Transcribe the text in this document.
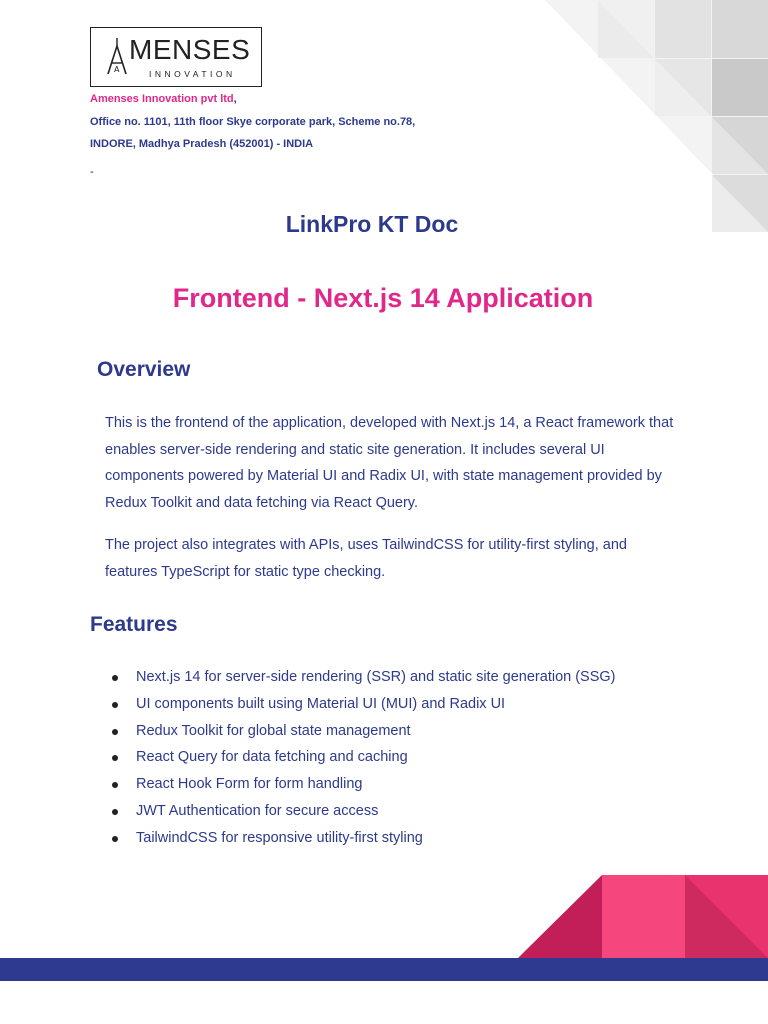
A
MENSES
INNOVATION
Amenses Innovation pvt ltd,
Office no. 1101, 11th floor Skye corporate park, Scheme no.78,
INDORE, Madhya Pradesh (452001) - INDIA
-
LinkPro KT Doc
Frontend - Next.js 14 Application
Overview

This is the frontend of the application, developed with Next.js 14, a React framework that enables server-side rendering and static site generation. It includes several UI components powered by Material UI and Radix UI, with state management provided by Redux Toolkit and data fetching via React Query.

The project also integrates with APIs, uses TailwindCSS for utility-first styling, and features TypeScript for static type checking.

Features
Next.js 14 for server-side rendering (SSR) and static site generation (SSG)
UI components built using Material UI (MUI) and Radix UI
Redux Toolkit for global state management
React Query for data fetching and caching
React Hook Form for form handling
JWT Authentication for secure access
TailwindCSS for responsive utility-first styling
